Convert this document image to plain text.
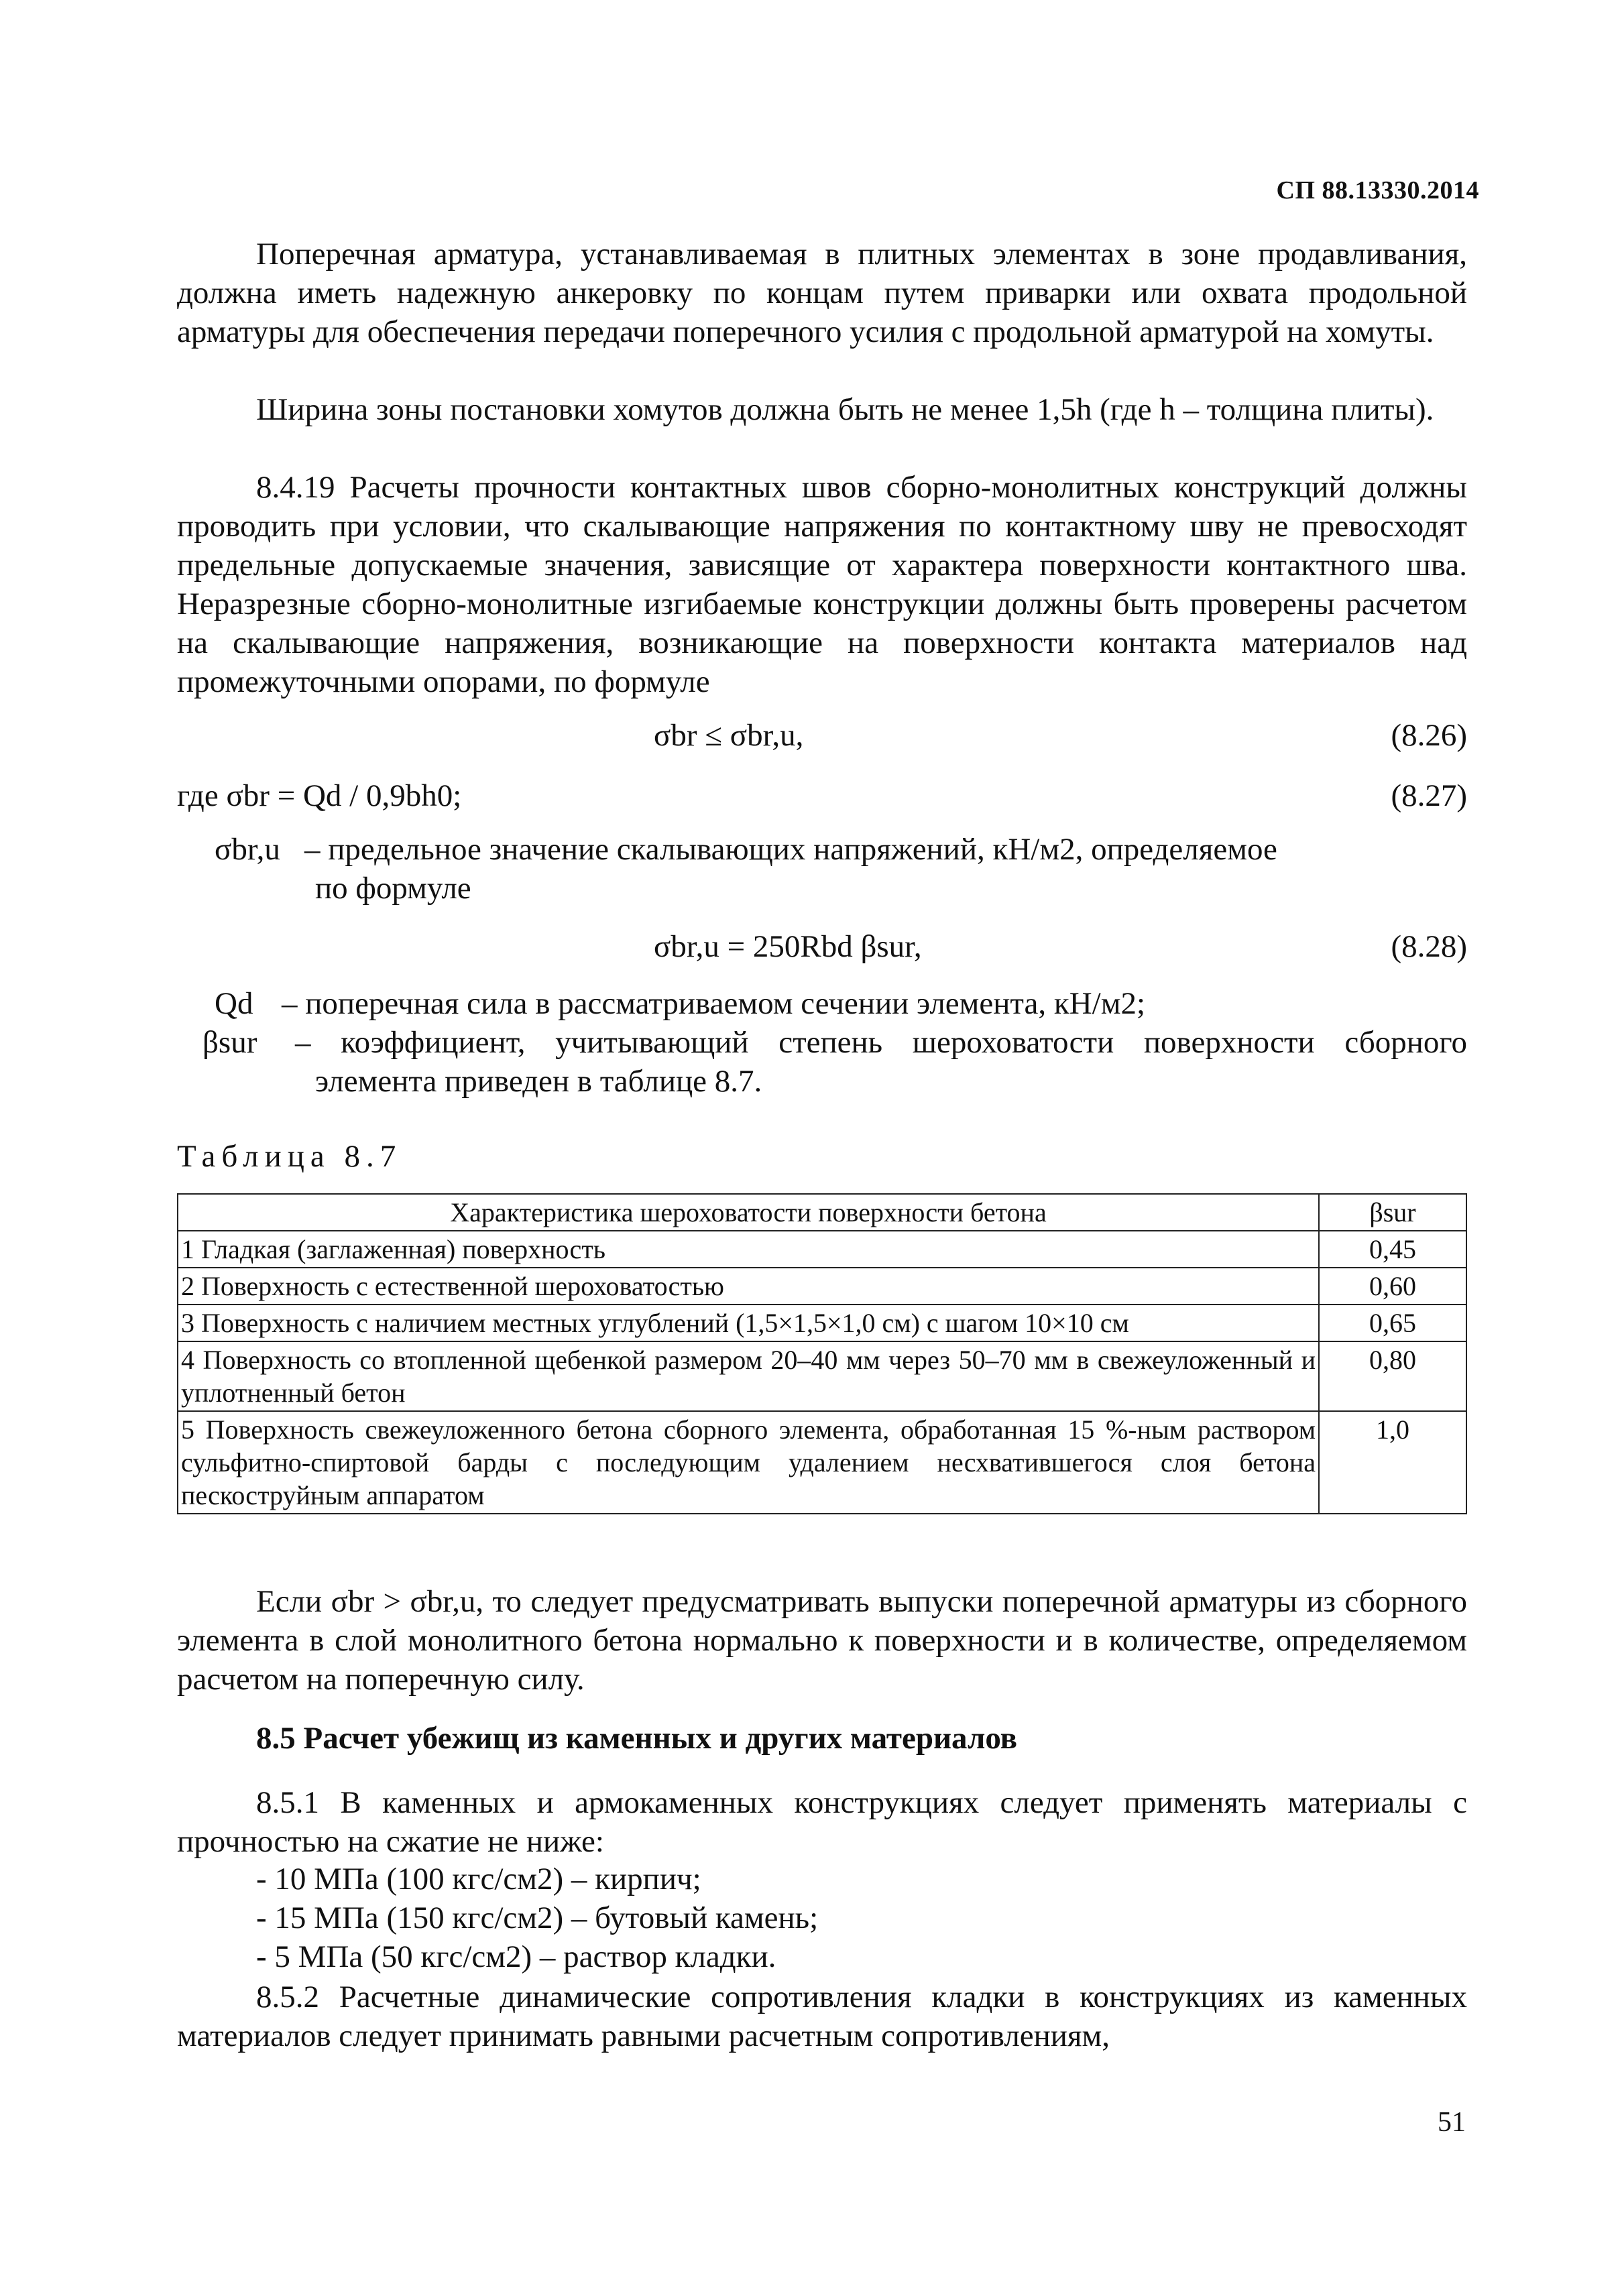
СП 88.13330.2014
Поперечная арматура, устанавливаемая в плитных элементах в зоне продавливания, должна иметь надежную анкеровку по концам путем приварки или охвата продольной арматуры для обеспечения передачи поперечного усилия с продольной арматурой на хомуты.
Ширина зоны постановки хомутов должна быть не менее 1,5h (где h – толщина плиты).
8.4.19 Расчеты прочности контактных швов сборно-монолитных конструкций должны проводить при условии, что скалывающие напряжения по контактному шву не превосходят предельные допускаемые значения, зависящие от характера поверхности контактного шва. Неразрезные сборно-монолитные изгибаемые конструкции должны быть проверены расчетом на скалывающие напряжения, возникающие на поверхности контакта материалов над промежуточными опорами, по формуле
σbr ≤ σbr,u,	(8.26)
где σbr = Qd / 0,9bh0;	(8.27)
σbr,u – предельное значение скалывающих напряжений, кН/м2, определяемое
по формуле
σbr,u = 250Rbd βsur,	(8.28)
Qd – поперечная сила в рассматриваемом сечении элемента, кН/м2;
βsur – коэффициент, учитывающий степень шероховатости поверхности сборного
элемента приведен в таблице 8.7.
Таблица 8.7
Характеристика шероховатости поверхности бетона	βsur
1 Гладкая (заглаженная) поверхность	0,45
2 Поверхность с естественной шероховатостью	0,60
3 Поверхность с наличием местных углублений (1,5×1,5×1,0 см) с шагом 10×10 см	0,65
4 Поверхность со втопленной щебенкой размером 20–40 мм через 50–70 мм в свежеуложенный и уплотненный бетон	0,80
5 Поверхность свежеуложенного бетона сборного элемента, обработанная 15 %-ным раствором сульфитно-спиртовой барды с последующим удалением несхватившегося слоя бетона пескоструйным аппаратом	1,0
Если σbr > σbr,u, то следует предусматривать выпуски поперечной арматуры из сборного элемента в слой монолитного бетона нормально к поверхности и в количестве, определяемом расчетом на поперечную силу.
8.5 Расчет убежищ из каменных и других материалов
8.5.1 В каменных и армокаменных конструкциях следует применять материалы с прочностью на сжатие не ниже:
- 10 МПа (100 кгс/см2) – кирпич;
- 15 МПа (150 кгс/см2) – бутовый камень;
- 5 МПа (50 кгс/см2) – раствор кладки.
8.5.2 Расчетные динамические сопротивления кладки в конструкциях из каменных материалов следует принимать равными расчетным сопротивлениям,
51
